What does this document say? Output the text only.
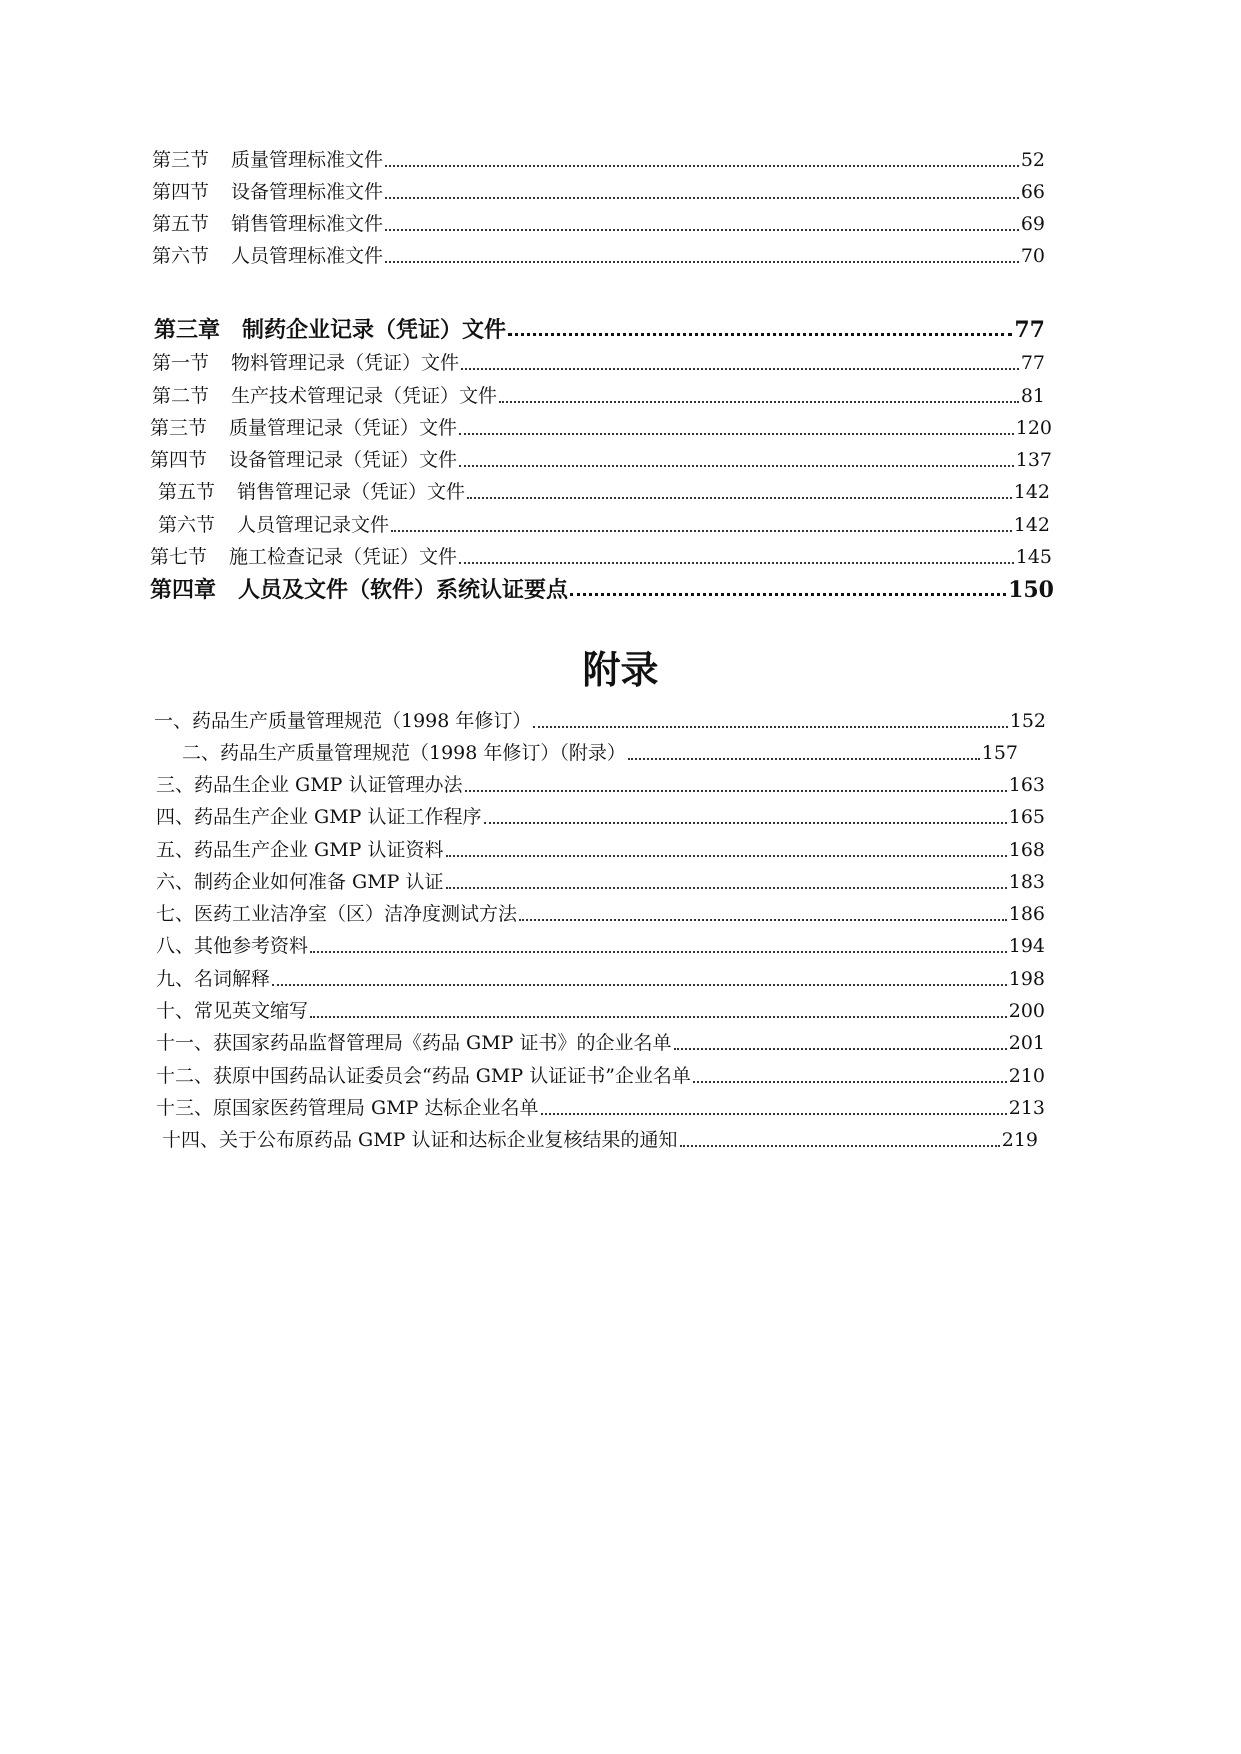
第三节 质量管理标准文件	52
第四节 设备管理标准文件	66
第五节 销售管理标准文件	69
第六节 人员管理标准文件	70
第三章 制药企业记录（凭证）文件	77
第一节 物料管理记录（凭证）文件	77
第二节 生产技术管理记录（凭证）文件	81
第三节 质量管理记录（凭证）文件	120
第四节 设备管理记录（凭证）文件	137
第五节 销售管理记录（凭证）文件	142
第六节 人员管理记录文件	142
第七节 施工检查记录（凭证）文件	145
第四章 人员及文件（软件）系统认证要点	150
附录
一、药品生产质量管理规范（1998 年修订）	152
二、药品生产质量管理规范（1998 年修订）（附录）	157
三、药品生企业 GMP 认证管理办法	163
四、药品生产企业 GMP 认证工作程序	165
五、药品生产企业 GMP 认证资料	168
六、制药企业如何准备 GMP 认证	183
七、医药工业洁净室（区）洁净度测试方法	186
八、其他参考资料	194
九、名词解释	198
十、常见英文缩写	200
十一、获国家药品监督管理局《药品 GMP 证书》的企业名单	201
十二、获原中国药品认证委员会“药品 GMP 认证证书”企业名单	210
十三、原国家医药管理局 GMP 达标企业名单	213
十四、关于公布原药品 GMP 认证和达标企业复核结果的通知	219
